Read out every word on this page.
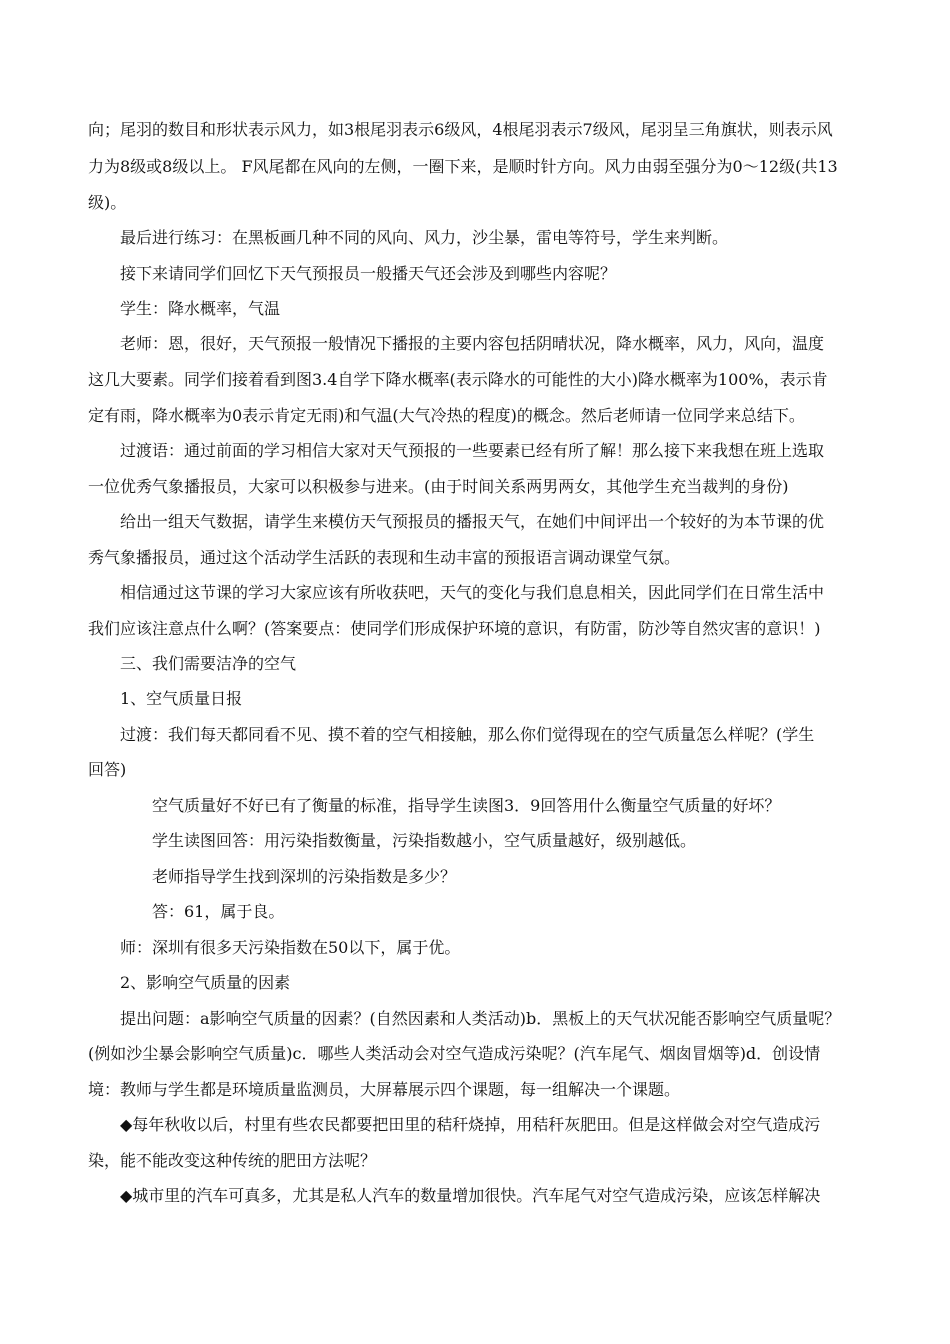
向；尾羽的数目和形状表示风力，如3根尾羽表示6级风，4根尾羽表示7级风，尾羽呈三角旗状，则表示风
力为8级或8级以上。 F风尾都在风向的左侧，一圈下来，是顺时针方向。风力由弱至强分为0～12级(共13
级)。
最后进行练习：在黑板画几种不同的风向、风力，沙尘暴，雷电等符号，学生来判断。
接下来请同学们回忆下天气预报员一般播天气还会涉及到哪些内容呢？
学生：降水概率，气温
老师：恩，很好，天气预报一般情况下播报的主要内容包括阴晴状况，降水概率，风力，风向，温度
这几大要素。同学们接着看到图3.4自学下降水概率(表示降水的可能性的大小)降水概率为100%，表示肯
定有雨，降水概率为0表示肯定无雨)和气温(大气冷热的程度)的概念。然后老师请一位同学来总结下。
过渡语：通过前面的学习相信大家对天气预报的一些要素已经有所了解！那么接下来我想在班上选取
一位优秀气象播报员，大家可以积极参与进来。(由于时间关系两男两女，其他学生充当裁判的身份)
给出一组天气数据，请学生来模仿天气预报员的播报天气，在她们中间评出一个较好的为本节课的优
秀气象播报员，通过这个活动学生活跃的表现和生动丰富的预报语言调动课堂气氛。
相信通过这节课的学习大家应该有所收获吧，天气的变化与我们息息相关，因此同学们在日常生活中
我们应该注意点什么啊？(答案要点：使同学们形成保护环境的意识，有防雷，防沙等自然灾害的意识！)
三、我们需要洁净的空气
1、空气质量日报
过渡：我们每天都同看不见、摸不着的空气相接触，那么你们觉得现在的空气质量怎么样呢？(学生
回答)
空气质量好不好已有了衡量的标准，指导学生读图3．9回答用什么衡量空气质量的好坏？
学生读图回答：用污染指数衡量，污染指数越小，空气质量越好，级别越低。
老师指导学生找到深圳的污染指数是多少？
答：61，属于良。
师：深圳有很多天污染指数在50以下，属于优。
2、影响空气质量的因素
提出问题：a影响空气质量的因素？(自然因素和人类活动)b．黑板上的天气状况能否影响空气质量呢？
(例如沙尘暴会影响空气质量)c．哪些人类活动会对空气造成污染呢？(汽车尾气、烟囱冒烟等)d．创设情
境：教师与学生都是环境质量监测员，大屏幕展示四个课题，每一组解决一个课题。
◆每年秋收以后，村里有些农民都要把田里的秸秆烧掉，用秸秆灰肥田。但是这样做会对空气造成污
染，能不能改变这种传统的肥田方法呢？
◆城市里的汽车可真多，尤其是私人汽车的数量增加很快。汽车尾气对空气造成污染，应该怎样解决
